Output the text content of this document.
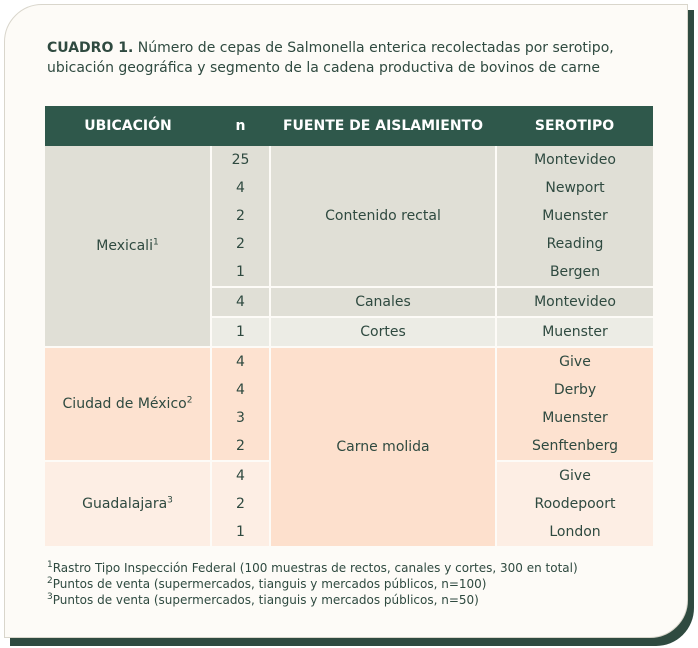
CUADRO 1. Número de cepas de Salmonella enterica recolectadas por serotipo, ubicación geográfica y segmento de la cadena productiva de bovinos de carne
UBICACIÓN	n	FUENTE DE AISLAMIENTO	SEROTIPO
Mexicali$^1$	25	Contenido rectal	Montevideo
	4		Newport
	2		Muenster
	2		Reading
	1		Bergen
	4	Canales	Montevideo
	1	Cortes	Muenster
Ciudad de México$^2$	4	Carne molida	Give
	4		Derby
	3		Muenster
	2		Senftenberg
Guadalajara$^3$	4		Give
	2		Roodepoort
	1		London
$^1$Rastro Tipo Inspección Federal (100 muestras de rectos, canales y cortes, 300 en total)
$^2$Puntos de venta (supermercados, tianguis y mercados públicos, n=100)
$^3$Puntos de venta (supermercados, tianguis y mercados públicos, n=50)
